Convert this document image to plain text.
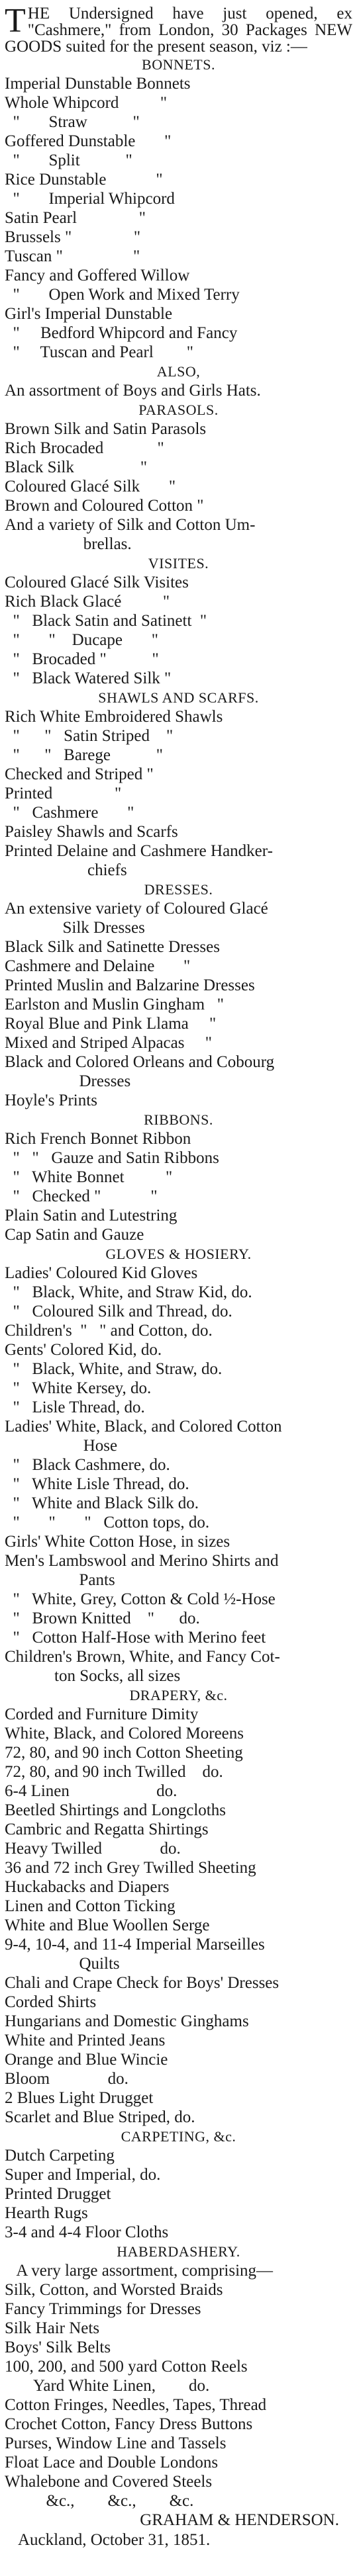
T HE Undersigned have just opened, ex "Cashmere," from London, 30 Packages NEW GOODS suited for the present season, viz :—
BONNETS.
Imperial Dunstable Bonnets
Whole Whipcord          "
"       Straw           "
Goffered Dunstable       "
"       Split           "
Rice Dunstable            "
"       Imperial Whipcord
Satin Pearl               "
Brussels "               "
Tuscan "                 "
Fancy and Goffered Willow
"       Open Work and Mixed Terry
Girl's Imperial Dunstable
"     Bedford Whipcord and Fancy
"     Tuscan and Pearl        "
ALSO,
An assortment of Boys and Girls Hats.
PARASOLS.
Brown Silk and Satin Parasols
Rich Brocaded             "
Black Silk                "
Coloured Glacé Silk       "
Brown and Coloured Cotton "
And a variety of Silk and Cotton Um-
brellas.
VISITES.
Coloured Glacé Silk Visites
Rich Black Glacé          "
"   Black Satin and Satinett  "
"       "    Ducape       "
"   Brocaded "           "
"   Black Watered Silk "
SHAWLS AND SCARFS.
Rich White Embroidered Shawls
"      "   Satin Striped    "
"      "   Barege           "
Checked and Striped "
Printed               "
"   Cashmere       "
Paisley Shawls and Scarfs
Printed Delaine and Cashmere Handker-
chiefs
DRESSES.
An extensive variety of Coloured Glacé
Silk Dresses
Black Silk and Satinette Dresses
Cashmere and Delaine       "
Printed Muslin and Balzarine Dresses
Earlston and Muslin Gingham   "
Royal Blue and Pink Llama     "
Mixed and Striped Alpacas     "
Black and Colored Orleans and Cobourg
Dresses
Hoyle's Prints
RIBBONS.
Rich French Bonnet Ribbon
"   "   Gauze and Satin Ribbons
"   White Bonnet          "
"   Checked "            "
Plain Satin and Lutestring
Cap Satin and Gauze
GLOVES & HOSIERY.
Ladies' Coloured Kid Gloves
"   Black, White, and Straw Kid, do.
"   Coloured Silk and Thread, do.
Children's  "   " and Cotton, do.
Gents' Colored Kid, do.
"   Black, White, and Straw, do.
"   White Kersey, do.
"   Lisle Thread, do.
Ladies' White, Black, and Colored Cotton
Hose
"   Black Cashmere, do.
"   White Lisle Thread, do.
"   White and Black Silk do.
"       "       "   Cotton tops, do.
Girls' White Cotton Hose, in sizes
Men's Lambswool and Merino Shirts and
Pants
"   White, Grey, Cotton & Cold ½-Hose
"   Brown Knitted    "      do.
"   Cotton Half-Hose with Merino feet
Children's Brown, White, and Fancy Cot-
ton Socks, all sizes
DRAPERY, &c.
Corded and Furniture Dimity
White, Black, and Colored Moreens
72, 80, and 90 inch Cotton Sheeting
72, 80, and 90 inch Twilled    do.
6-4 Linen                     do.
Beetled Shirtings and Longcloths
Cambric and Regatta Shirtings
Heavy Twilled              do.
36 and 72 inch Grey Twilled Sheeting
Huckabacks and Diapers
Linen and Cotton Ticking
White and Blue Woollen Serge
9-4, 10-4, and 11-4 Imperial Marseilles
Quilts
Chali and Crape Check for Boys' Dresses
Corded Shirts
Hungarians and Domestic Ginghams
White and Printed Jeans
Orange and Blue Wincie
Bloom              do.
2 Blues Light Drugget
Scarlet and Blue Striped, do.
CARPETING, &c.
Dutch Carpeting
Super and Imperial, do.
Printed Drugget
Hearth Rugs
3-4 and 4-4 Floor Cloths
HABERDASHERY.
A very large assortment, comprising—
Silk, Cotton, and Worsted Braids
Fancy Trimmings for Dresses
Silk Hair Nets
Boys' Silk Belts
100, 200, and 500 yard Cotton Reels
Yard White Linen,        do.
Cotton Fringes, Needles, Tapes, Thread
Crochet Cotton, Fancy Dress Buttons
Purses, Window Line and Tassels
Float Lace and Double Londons
Whalebone and Covered Steels
&c.,        &c.,        &c.
GRAHAM & HENDERSON.
Auckland, October 31, 1851.
